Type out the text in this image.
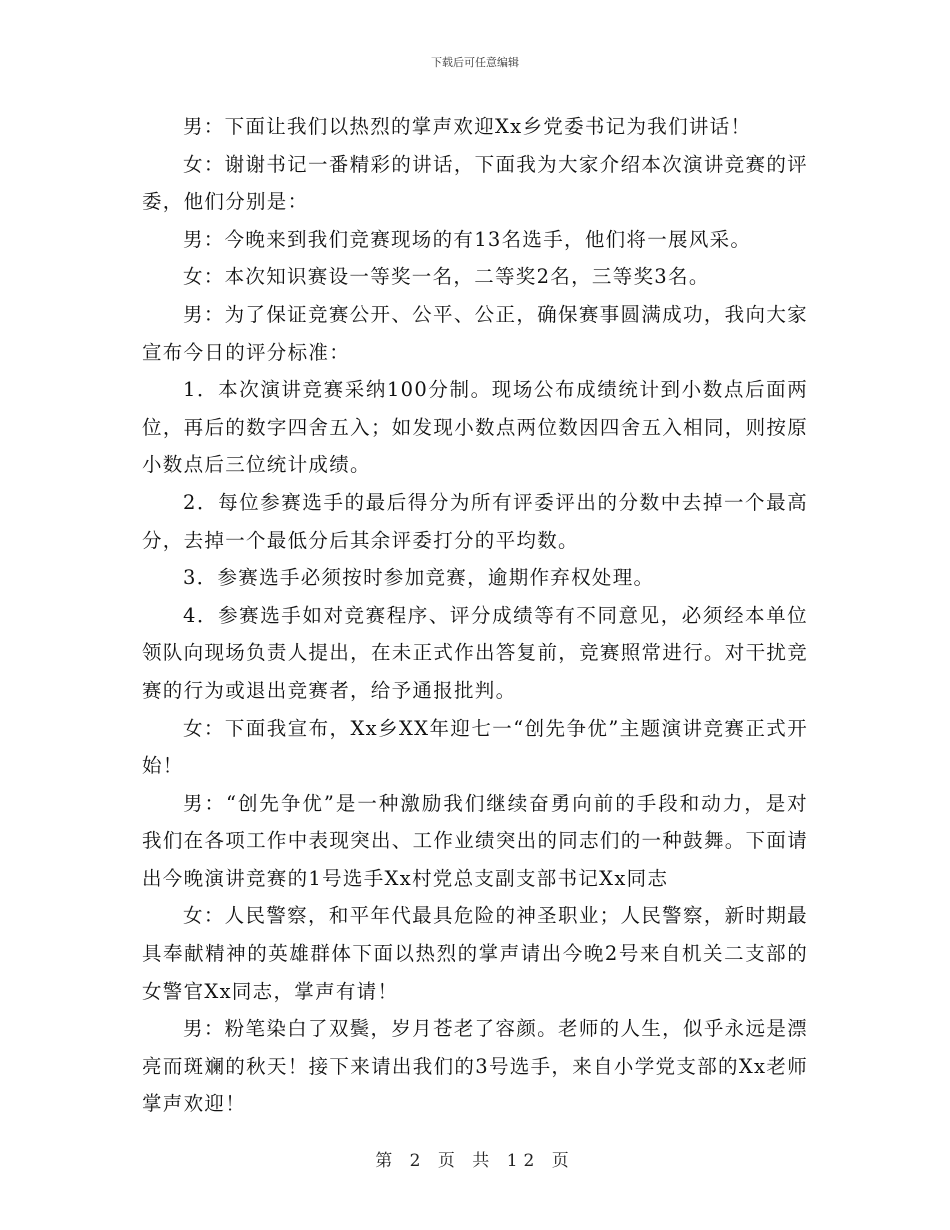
下载后可任意编辑

男：下面让我们以热烈的掌声欢迎Xx乡党委书记为我们讲话！

女：谢谢书记一番精彩的讲话，下面我为大家介绍本次演讲竞赛的评委，他们分别是：

男：今晚来到我们竞赛现场的有13名选手，他们将一展风采。

女：本次知识赛设一等奖一名，二等奖2名，三等奖3名。

男：为了保证竞赛公开、公平、公正，确保赛事圆满成功，我向大家宣布今日的评分标准：

1．本次演讲竞赛采纳100分制。现场公布成绩统计到小数点后面两位，再后的数字四舍五入；如发现小数点两位数因四舍五入相同，则按原小数点后三位统计成绩。

2．每位参赛选手的最后得分为所有评委评出的分数中去掉一个最高分，去掉一个最低分后其余评委打分的平均数。

3．参赛选手必须按时参加竞赛，逾期作弃权处理。

4．参赛选手如对竞赛程序、评分成绩等有不同意见，必须经本单位领队向现场负责人提出，在未正式作出答复前，竞赛照常进行。对干扰竞赛的行为或退出竞赛者，给予通报批判。

女：下面我宣布，Xx乡XX年迎七一“创先争优”主题演讲竞赛正式开始！

男：“创先争优”是一种激励我们继续奋勇向前的手段和动力，是对我们在各项工作中表现突出、工作业绩突出的同志们的一种鼓舞。下面请出今晚演讲竞赛的1号选手Xx村党总支副支部书记Xx同志

女：人民警察，和平年代最具危险的神圣职业；人民警察，新时期最具奉献精神的英雄群体下面以热烈的掌声请出今晚2号来自机关二支部的女警官Xx同志，掌声有请！

男：粉笔染白了双鬓，岁月苍老了容颜。老师的人生，似乎永远是漂亮而斑斓的秋天！接下来请出我们的3号选手，来自小学党支部的Xx老师掌声欢迎！

第 2 页 共 12 页
